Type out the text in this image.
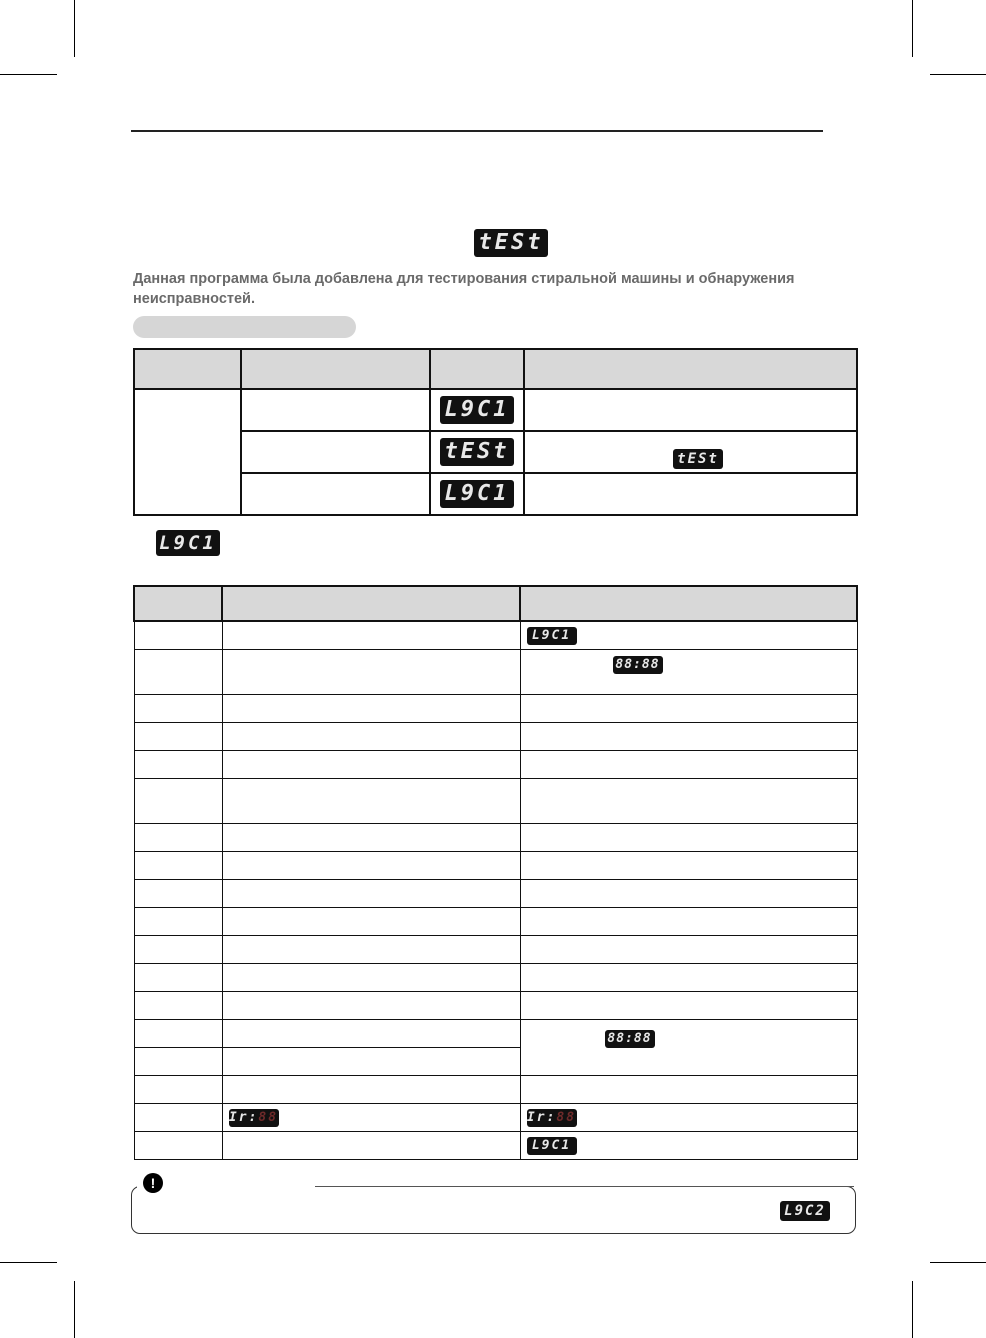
tESt
Данная программа была добавлена для тестирования стиральной машины и обнаружения неисправностей.

		L9C1	
		tESt	tESt
		L9C1	
L9C1

		L9C1
		88:88

		88:88

	Ir:88	Ir:88
		L9C1
L9C2
!
